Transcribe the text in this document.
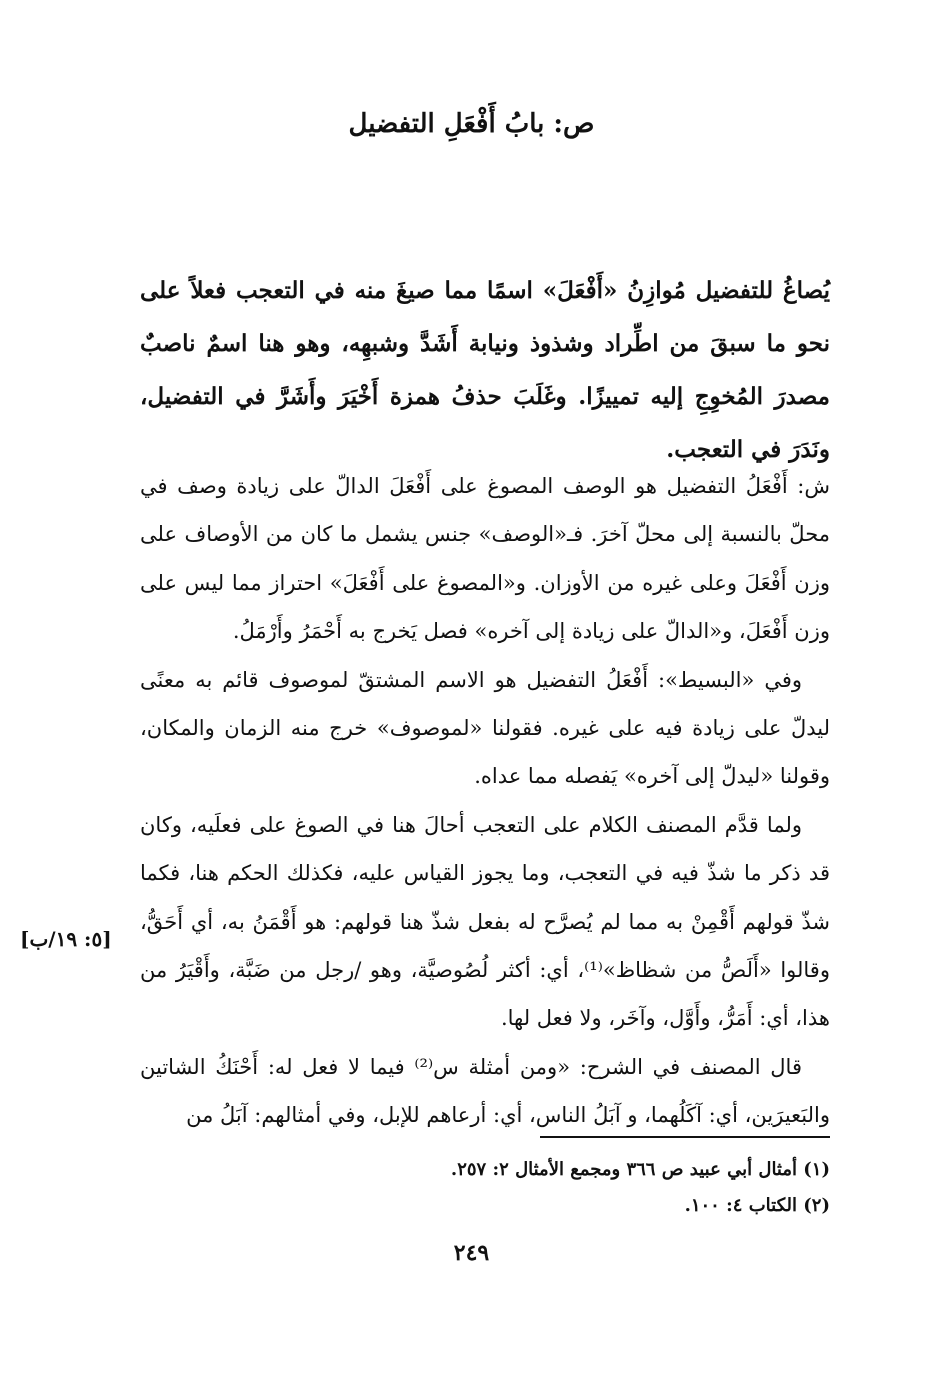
ص: بابُ أَفْعَلِ التفضيل
يُصاغُ للتفضيل مُوازِنُ «أَفْعَلَ» اسمًا مما صيغَ منه في التعجب فعلاً على نحو ما سبقَ من اطِّراد وشذوذ ونيابة أَشَدَّ وشبهِه، وهو هنا اسمٌ ناصبٌ مصدرَ المُخوِجِ إليه تمييزًا. وغَلَبَ حذفُ همزة أَخْيَرَ وأَشَرَّ في التفضيل، ونَدَرَ في التعجب.

ش: أَفْعَلُ التفضيل هو الوصف المصوغ على أَفْعَلَ الدالّ على زيادة وصف في محلّ بالنسبة إلى محلّ آخرَ. فـ«الوصف» جنس يشمل ما كان من الأوصاف على وزن أَفْعَلَ وعلى غيره من الأوزان. و«المصوغ على أَفْعَلَ» احتراز مما ليس على وزن أَفْعَلَ، و«الدالّ على زيادة إلى آخره» فصل يَخرج به أَحْمَرُ وأَرْمَلُ.

وفي «البسيط»: أَفْعَلُ التفضيل هو الاسم المشتقّ لموصوف قائم به معنًى ليدلّ على زيادة فيه على غيره. فقولنا «لموصوف» خرج منه الزمان والمكان، وقولنا «ليدلّ إلى آخره» يَفصله مما عداه.

ولما قدَّم المصنف الكلام على التعجب أحالَ هنا في الصوغ على فعلَيه، وكان قد ذكر ما شذّ فيه في التعجب، وما يجوز القياس عليه، فكذلك الحكم هنا، فكما شذّ قولهم أَقْمِنْ به مما لم يُصرَّح له بفعل شذّ هنا قولهم: هو أَقْمَنُ به، أي أَحَقُّ، وقالوا «أَلَصُّ من شظاظ»⁽¹⁾، أي: أكثر لُصُوصيَّة، وهو /رجل من ضَبَّة، وأَقْيَرُ من هذا، أي: أَمَرُّ، وأَوَّل، وآخَر، ولا فعل لها.

قال المصنف في الشرح: «ومن أمثلة س⁽²⁾ فيما لا فعل له: أَحْنَكُ الشاتين والبَعيرَين، أي: آكَلُهما، و آبَلُ الناس، أي: أرعاهم للإبل، وفي أمثالهم: آبَلُ من

[٥: ١٩/ب]
(١) أمثال أبي عبيد ص ٣٦٦ ومجمع الأمثال ٢: ٢٥٧.
(٢) الكتاب ٤: ١٠٠.
٢٤٩
